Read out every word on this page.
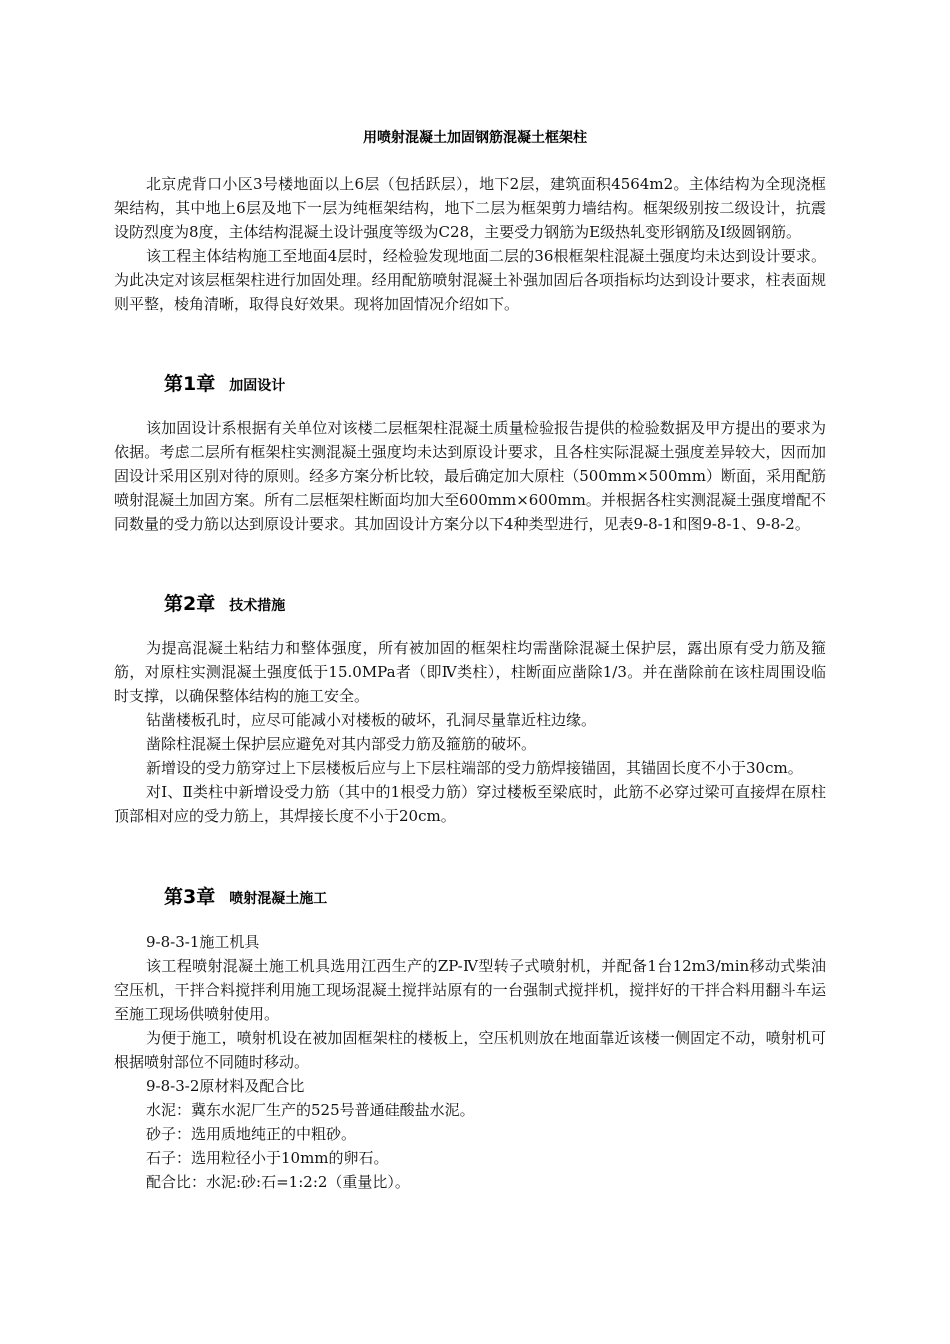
用喷射混凝土加固钢筋混凝土框架柱

北京虎背口小区3号楼地面以上6层（包括跃层），地下2层，建筑面积4564m2。主体结构为全现浇框架结构，其中地上6层及地下一层为纯框架结构，地下二层为框架剪力墙结构。框架级别按二级设计，抗震设防烈度为8度，主体结构混凝土设计强度等级为C28，主要受力钢筋为E级热轧变形钢筋及I级圆钢筋。

该工程主体结构施工至地面4层时，经检验发现地面二层的36根框架柱混凝土强度均未达到设计要求。为此决定对该层框架柱进行加固处理。经用配筋喷射混凝土补强加固后各项指标均达到设计要求，柱表面规则平整，棱角清晰，取得良好效果。现将加固情况介绍如下。

第1章 加固设计

该加固设计系根据有关单位对该楼二层框架柱混凝土质量检验报告提供的检验数据及甲方提出的要求为依据。考虑二层所有框架柱实测混凝土强度均未达到原设计要求，且各柱实际混凝土强度差异较大，因而加固设计采用区别对待的原则。经多方案分析比较，最后确定加大原柱（500mm×500mm）断面，采用配筋喷射混凝土加固方案。所有二层框架柱断面均加大至600mm×600mm。并根据各柱实测混凝土强度增配不同数量的受力筋以达到原设计要求。其加固设计方案分以下4种类型进行，见表9-8-1和图9-8-1、9-8-2。

第2章 技术措施

为提高混凝土粘结力和整体强度，所有被加固的框架柱均需凿除混凝土保护层，露出原有受力筋及箍筋，对原柱实测混凝土强度低于15.0MPa者（即Ⅳ类柱），柱断面应凿除1/3。并在凿除前在该柱周围设临时支撑，以确保整体结构的施工安全。

钻凿楼板孔时，应尽可能减小对楼板的破坏，孔洞尽量靠近柱边缘。

凿除柱混凝土保护层应避免对其内部受力筋及箍筋的破坏。

新增设的受力筋穿过上下层楼板后应与上下层柱端部的受力筋焊接锚固，其锚固长度不小于30cm。

对Ⅰ、Ⅱ类柱中新增设受力筋（其中的1根受力筋）穿过楼板至梁底时，此筋不必穿过梁可直接焊在原柱顶部相对应的受力筋上，其焊接长度不小于20cm。

第3章 喷射混凝土施工

9-8-3-1施工机具

该工程喷射混凝土施工机具选用江西生产的ZP-Ⅳ型转子式喷射机，并配备1台12m3/min移动式柴油空压机，干拌合料搅拌利用施工现场混凝土搅拌站原有的一台强制式搅拌机，搅拌好的干拌合料用翻斗车运至施工现场供喷射使用。

为便于施工，喷射机设在被加固框架柱的楼板上，空压机则放在地面靠近该楼一侧固定不动，喷射机可根据喷射部位不同随时移动。

9-8-3-2原材料及配合比

水泥：冀东水泥厂生产的525号普通硅酸盐水泥。

砂子：选用质地纯正的中粗砂。

石子：选用粒径小于10mm的卵石。

配合比：水泥:砂:石=1:2:2（重量比）。
